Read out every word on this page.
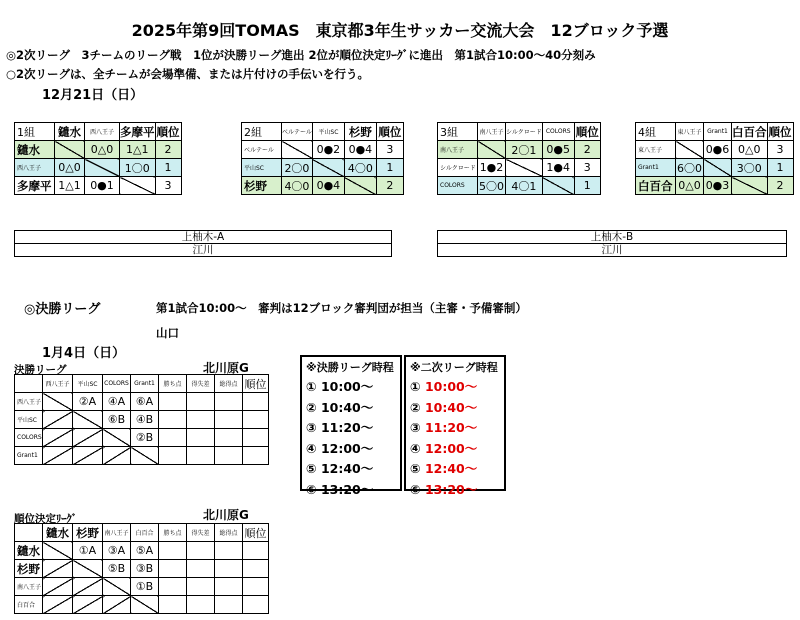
2025年第9回TOMAS　東京都3年生サッカー交流大会　12ブロック予選
◎2次リーグ　3チームのリーグ戦　1位が決勝リーグ進出 2位が順位決定ﾘｰｸﾞに進出　第1試合10:00～40分刻み
○2次リーグは、全チームが会場準備、または片付けの手伝いを行う。
12月21日（日）
1組	鑓水	西八王子	多摩平	順位
鑓水		0△0	1△1	2
西八王子	0△0		1〇0	1
多摩平	1△1	0●1		3
2組	ベルテール	平山SC	杉野	順位
ベルテール		0●2	0●4	3
平山SC	2〇0		4〇0	1
杉野	4〇0	0●4		2
3組	南八王子	シルクロード	COLORS	順位
南八王子		2〇1	0●5	2
シルクロード	1●2		1●4	3
COLORS	5〇0	4〇1		1
4組	東八王子	Grant1	白百合	順位
東八王子		0●6	0△0	3
Grant1	6〇0		3〇0	1
白百合	0△0	0●3		2
上柚木-A
江川
上柚木-B
江川
◎決勝リーグ	第1試合10:00～　審判は12ブロック審判団が担当（主審・予備審制）
山口
1月4日（日）
決勝リーグ	北川原G
	西八王子	平山SC	COLORS	Grant1	勝ち点	得失差	総得点	順位
西八王子		②A	④A	⑥A				
平山SC			⑥B	④B				
COLORS				②B				
Grant1								
順位決定ﾘｰｸﾞ	北川原G
	鑓水	杉野	南八王子	白百合	勝ち点	得失差	総得点	順位
鑓水		①A	③A	⑤A				
杉野			⑤B	③B				
南八王子				①B				
白百合								
※決勝リーグ時程
① 10:00～
② 10:40～
③ 11:20～
④ 12:00～
⑤ 12:40～
⑥ 13:20～
※二次リーグ時程
① 10:00～
② 10:40～
③ 11:20～
④ 12:00～
⑤ 12:40～
⑥ 13:20～
